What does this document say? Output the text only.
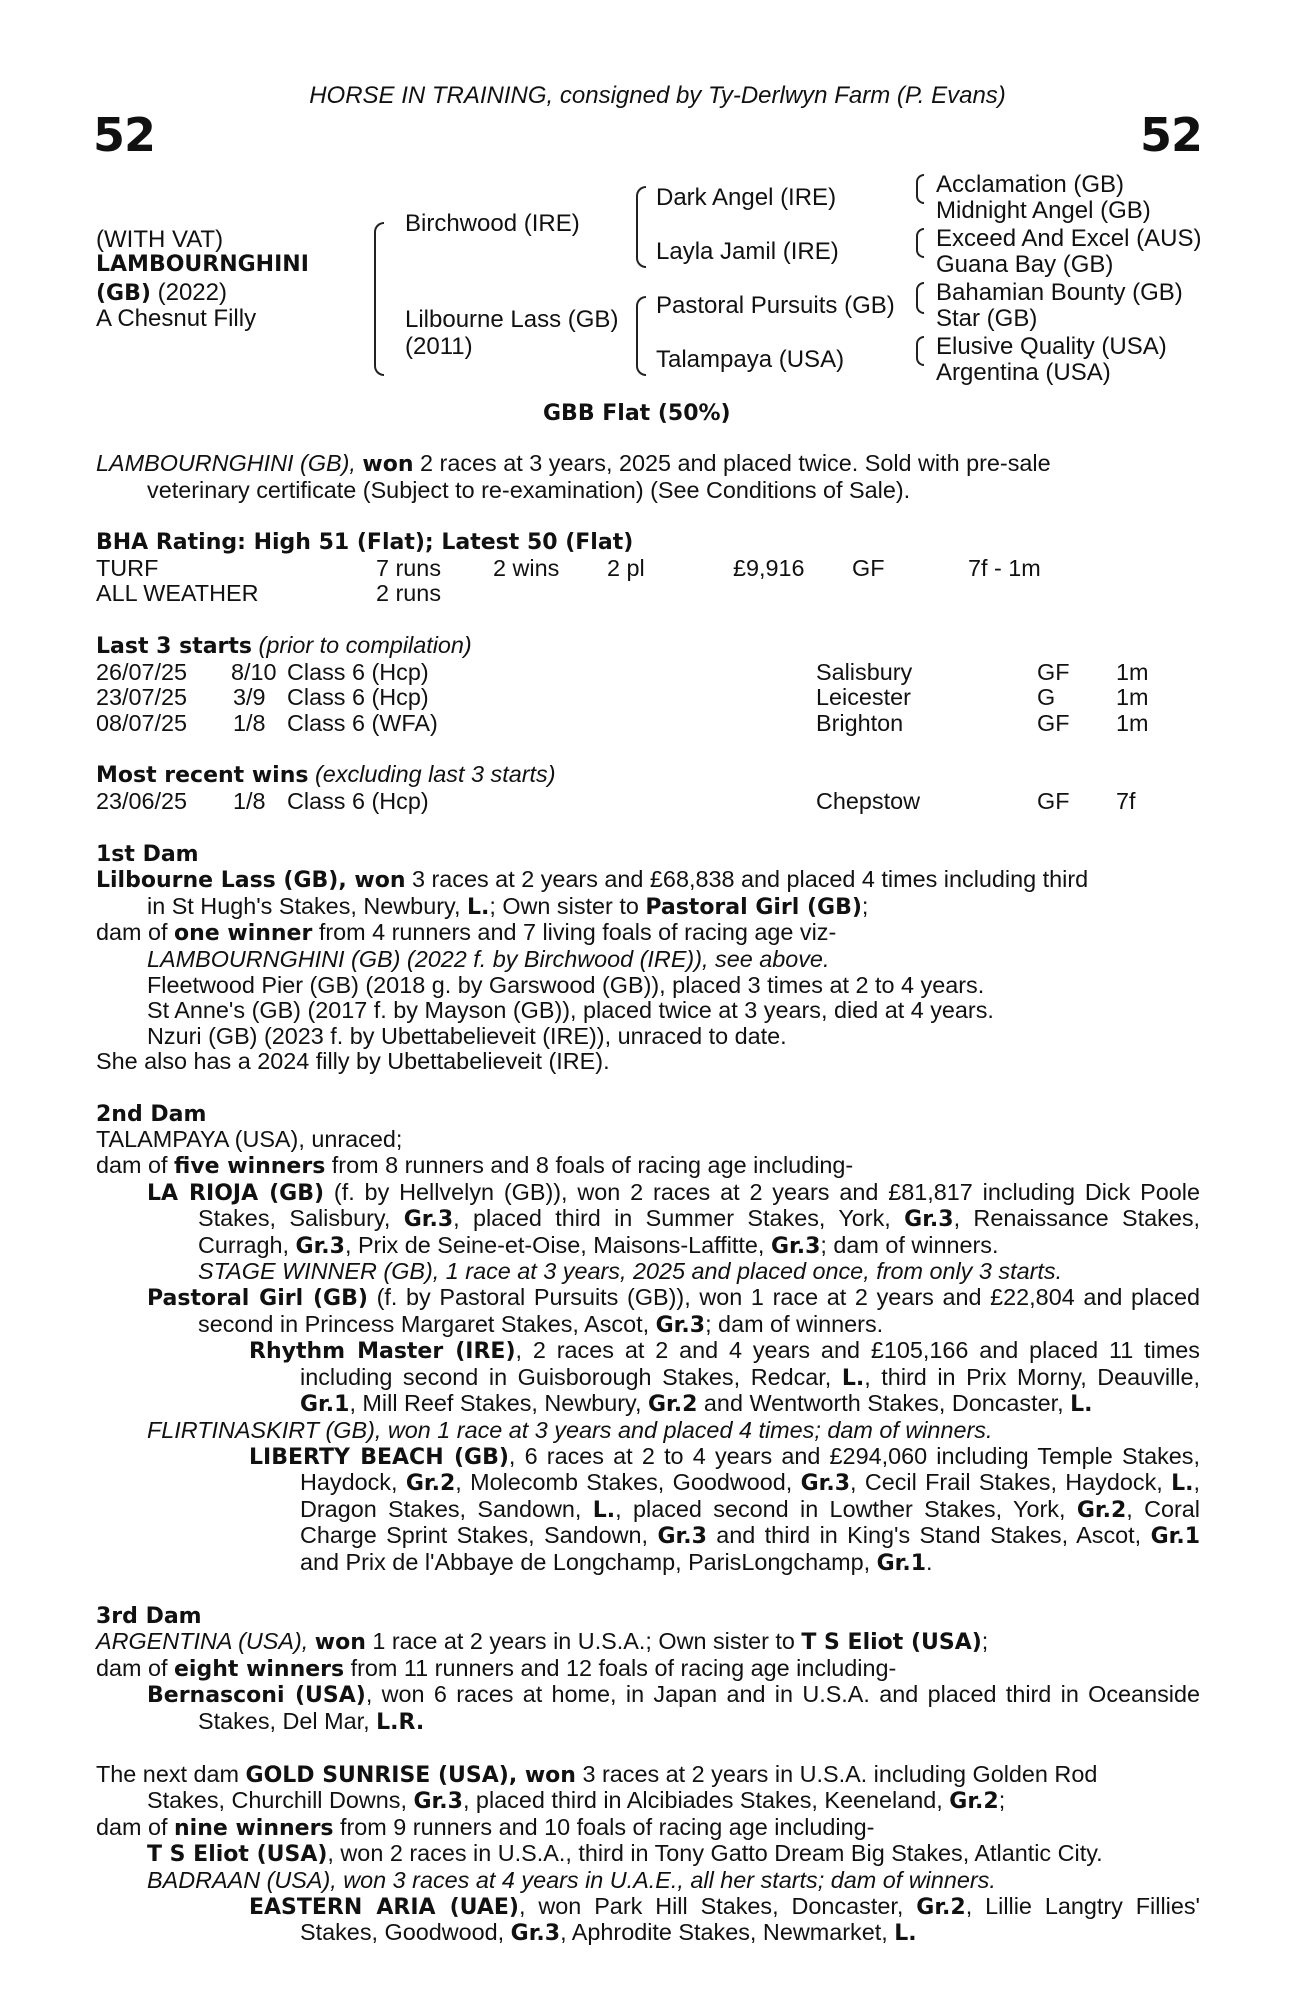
HORSE IN TRAINING, consigned by Ty-Derlwyn Farm (P. Evans)
52	52
(WITH VAT)
LAMBOURNGHINI
(GB) (2022)
A Chesnut Filly
Birchwood (IRE)
Lilbourne Lass (GB)
(2011)
Dark Angel (IRE)
Layla Jamil (IRE)
Pastoral Pursuits (GB)
Talampaya (USA)
Acclamation (GB)
Midnight Angel (GB)
Exceed And Excel (AUS)
Guana Bay (GB)
Bahamian Bounty (GB)
Star (GB)
Elusive Quality (USA)
Argentina (USA)
GBB Flat (50%)

LAMBOURNGHINI (GB), won 2 races at 3 years, 2025 and placed twice. Sold with pre-sale
veterinary certificate (Subject to re-examination) (See Conditions of Sale).

BHA Rating: High 51 (Flat); Latest 50 (Flat)

TURF	7 runs 2 wins 2 pl	£9,916 GF	7f - 1m
ALL WEATHER	2 runs

Last 3 starts (prior to compilation)

26/07/25 8/10 Class 6 (Hcp)	Salisbury	GF 1m
23/07/25 3/9 Class 6 (Hcp)	Leicester	G	1m
08/07/25 1/8 Class 6 (WFA)	Brighton	GF 1m

Most recent wins (excluding last 3 starts)

23/06/25 1/8 Class 6 (Hcp)	Chepstow	GF 7f

1st Dam

Lilbourne Lass (GB), won 3 races at 2 years and £68,838 and placed 4 times including third
in St Hugh's Stakes, Newbury, L.; Own sister to Pastoral Girl (GB);

dam of one winner from 4 runners and 7 living foals of racing age viz-

LAMBOURNGHINI (GB) (2022 f. by Birchwood (IRE)), see above.

Fleetwood Pier (GB) (2018 g. by Garswood (GB)), placed 3 times at 2 to 4 years.

St Anne's (GB) (2017 f. by Mayson (GB)), placed twice at 3 years, died at 4 years.

Nzuri (GB) (2023 f. by Ubettabelieveit (IRE)), unraced to date.

She also has a 2024 filly by Ubettabelieveit (IRE).

2nd Dam

TALAMPAYA (USA), unraced;

dam of five winners from 8 runners and 8 foals of racing age including-

LA RIOJA (GB) (f. by Hellvelyn (GB)), won 2 races at 2 years and £81,817 including Dick Poole Stakes, Salisbury, Gr.3, placed third in Summer Stakes, York, Gr.3, Renaissance Stakes, Curragh, Gr.3, Prix de Seine-et-Oise, Maisons-Laffitte, Gr.3; dam of winners.

STAGE WINNER (GB), 1 race at 3 years, 2025 and placed once, from only 3 starts.

Pastoral Girl (GB) (f. by Pastoral Pursuits (GB)), won 1 race at 2 years and £22,804 and placed second in Princess Margaret Stakes, Ascot, Gr.3; dam of winners.

Rhythm Master (IRE), 2 races at 2 and 4 years and £105,166 and placed 11 times including second in Guisborough Stakes, Redcar, L., third in Prix Morny, Deauville, Gr.1, Mill Reef Stakes, Newbury, Gr.2 and Wentworth Stakes, Doncaster, L.

FLIRTINASKIRT (GB), won 1 race at 3 years and placed 4 times; dam of winners.

LIBERTY BEACH (GB), 6 races at 2 to 4 years and £294,060 including Temple Stakes, Haydock, Gr.2, Molecomb Stakes, Goodwood, Gr.3, Cecil Frail Stakes, Haydock, L., Dragon Stakes, Sandown, L., placed second in Lowther Stakes, York, Gr.2, Coral Charge Sprint Stakes, Sandown, Gr.3 and third in King's Stand Stakes, Ascot, Gr.1 and Prix de l'Abbaye de Longchamp, ParisLongchamp, Gr.1.

3rd Dam

ARGENTINA (USA), won 1 race at 2 years in U.S.A.; Own sister to T S Eliot (USA);

dam of eight winners from 11 runners and 12 foals of racing age including-

Bernasconi (USA), won 6 races at home, in Japan and in U.S.A. and placed third in Oceanside Stakes, Del Mar, L.R.

The next dam GOLD SUNRISE (USA), won 3 races at 2 years in U.S.A. including Golden Rod
Stakes, Churchill Downs, Gr.3, placed third in Alcibiades Stakes, Keeneland, Gr.2;

dam of nine winners from 9 runners and 10 foals of racing age including-

T S Eliot (USA), won 2 races in U.S.A., third in Tony Gatto Dream Big Stakes, Atlantic City.

BADRAAN (USA), won 3 races at 4 years in U.A.E., all her starts; dam of winners.

EASTERN ARIA (UAE), won Park Hill Stakes, Doncaster, Gr.2, Lillie Langtry Fillies' Stakes, Goodwood, Gr.3, Aphrodite Stakes, Newmarket, L.
